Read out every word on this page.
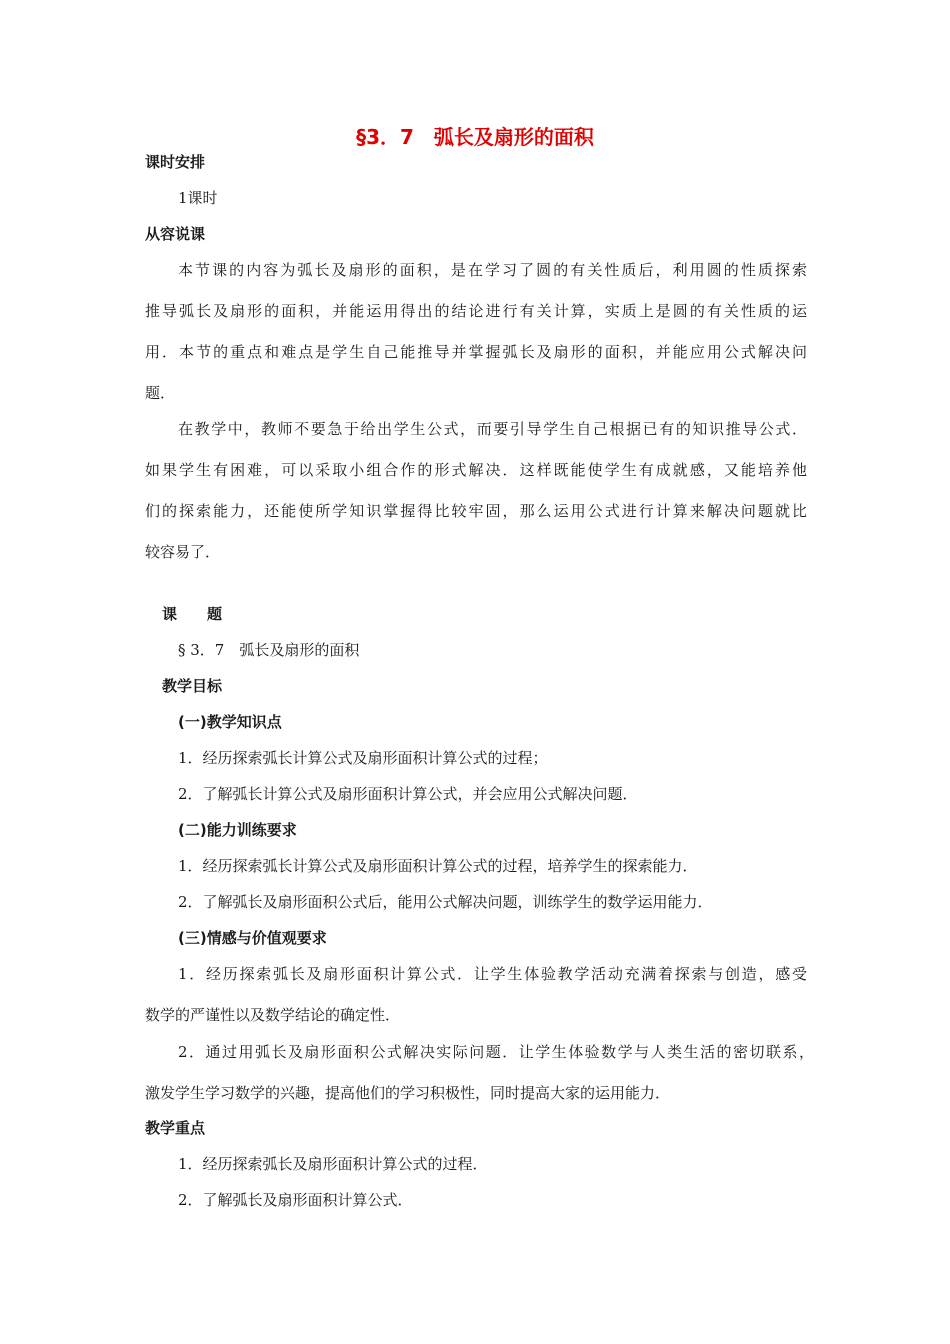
§3．7　弧长及扇形的面积
课时安排
1课时
从容说课
本节课的内容为弧长及扇形的面积，是在学习了圆的有关性质后，利用圆的性质探索
推导弧长及扇形的面积，并能运用得出的结论进行有关计算，实质上是圆的有关性质的运
用．本节的重点和难点是学生自己能推导并掌握弧长及扇形的面积，并能应用公式解决问
题．
在教学中，教师不要急于给出学生公式，而要引导学生自己根据已有的知识推导公式．
如果学生有困难，可以采取小组合作的形式解决．这样既能使学生有成就感，又能培养他
们的探索能力，还能使所学知识掌握得比较牢固，那么运用公式进行计算来解决问题就比
较容易了．
课　　题
§ 3．7　弧长及扇形的面积
教学目标
(一)教学知识点
1．经历探索弧长计算公式及扇形面积计算公式的过程；
2．了解弧长计算公式及扇形面积计算公式，并会应用公式解决问题．
(二)能力训练要求
1．经历探索弧长计算公式及扇形面积计算公式的过程，培养学生的探索能力．
2．了解弧长及扇形面积公式后，能用公式解决问题，训练学生的数学运用能力．
(三)情感与价值观要求
1．经历探索弧长及扇形面积计算公式．让学生体验教学活动充满着探索与创造，感受
数学的严谨性以及数学结论的确定性．
2．通过用弧长及扇形面积公式解决实际问题．让学生体验数学与人类生活的密切联系，
激发学生学习数学的兴趣，提高他们的学习积极性，同时提高大家的运用能力．
教学重点
1．经历探索弧长及扇形面积计算公式的过程．
2．了解弧长及扇形面积计算公式．
